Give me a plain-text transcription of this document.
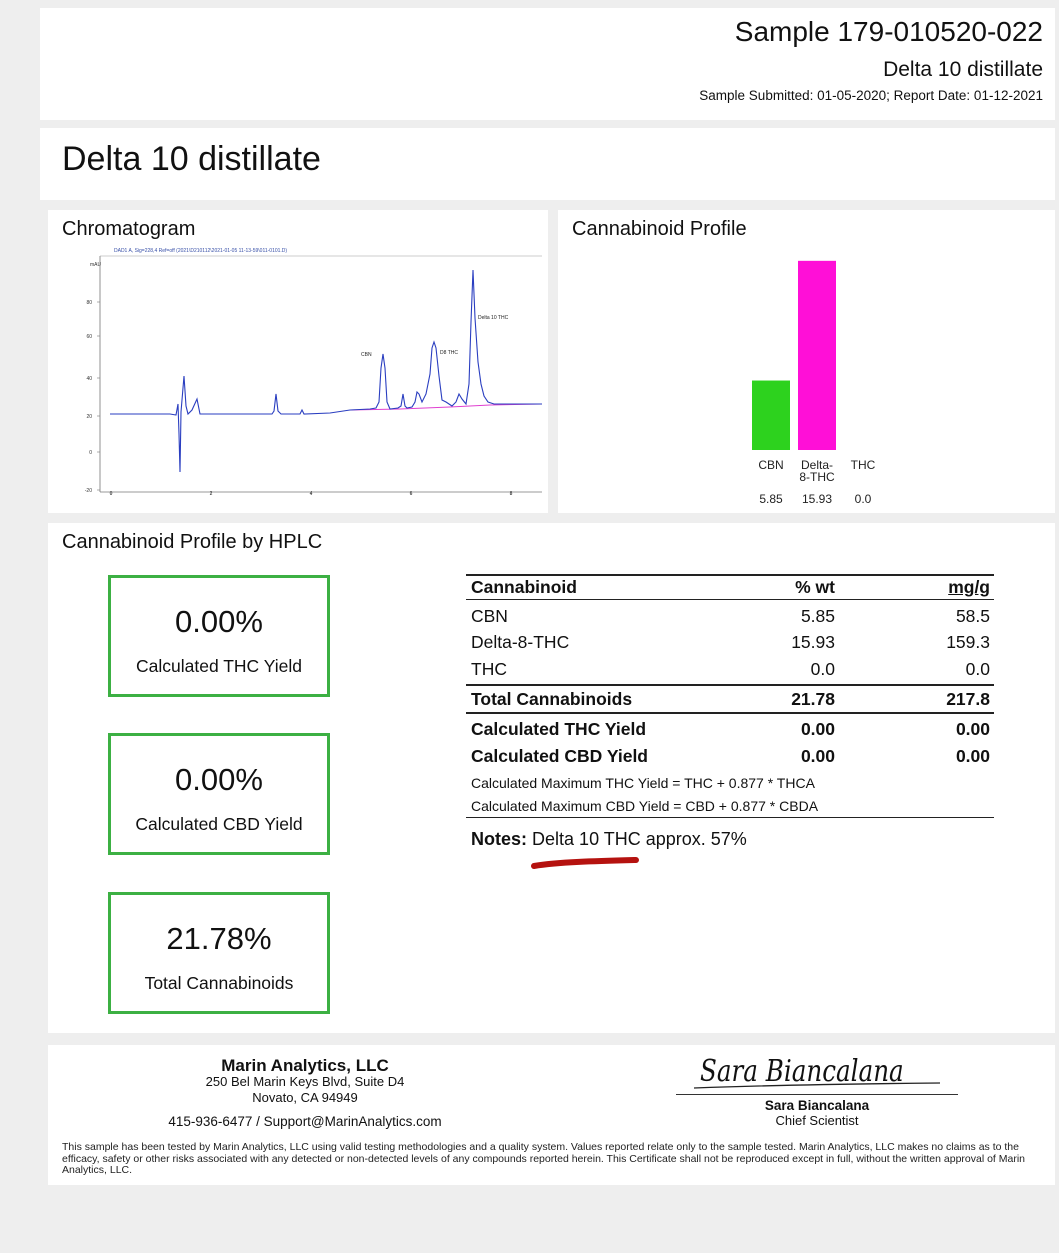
Sample 179-010520-022
Delta 10 distillate
Sample Submitted: 01-05-2020; Report Date: 01-12-2021
Delta 10 distillate
Chromatogram
DAD1 A, Sig=228,4 Ref=off (2021\D210112\2021-01-05 11-13-59\011-0101.D)
mAU
80
60
40
20
0
-20	0	2	4	6	8
CBN	D8 THC
Delta 10 THC
Cannabinoid Profile
CBN
5.85
Delta-
8-THC
15.93
THC
0.0
Cannabinoid Profile by HPLC
0.00%
Calculated THC Yield
0.00%
Calculated CBD Yield
21.78%
Total Cannabinoids
Cannabinoid	% wt	mg/g
CBN	5.85	58.5
Delta-8-THC	15.93	159.3
THC	0.0	0.0
Total Cannabinoids	21.78	217.8
Calculated THC Yield	0.00	0.00
Calculated CBD Yield	0.00	0.00
Calculated Maximum THC Yield = THC + 0.877 * THCA
Calculated Maximum CBD Yield = CBD + 0.877 * CBDA
Notes: Delta 10 THC approx. 57%
Marin Analytics, LLC
250 Bel Marin Keys Blvd, Suite D4
Novato, CA 94949
415-936-6477 / Support@MarinAnalytics.com
Sara Biancalana
Sara Biancalana
Chief Scientist
This sample has been tested by Marin Analytics, LLC using valid testing methodologies and a quality system. Values reported relate only to the sample tested. Marin Analytics, LLC makes no claims as to the efficacy, safety or other risks associated with any detected or non-detected levels of any compounds reported herein. This Certificate shall not be reproduced except in full, without the written approval of Marin Analytics, LLC.
